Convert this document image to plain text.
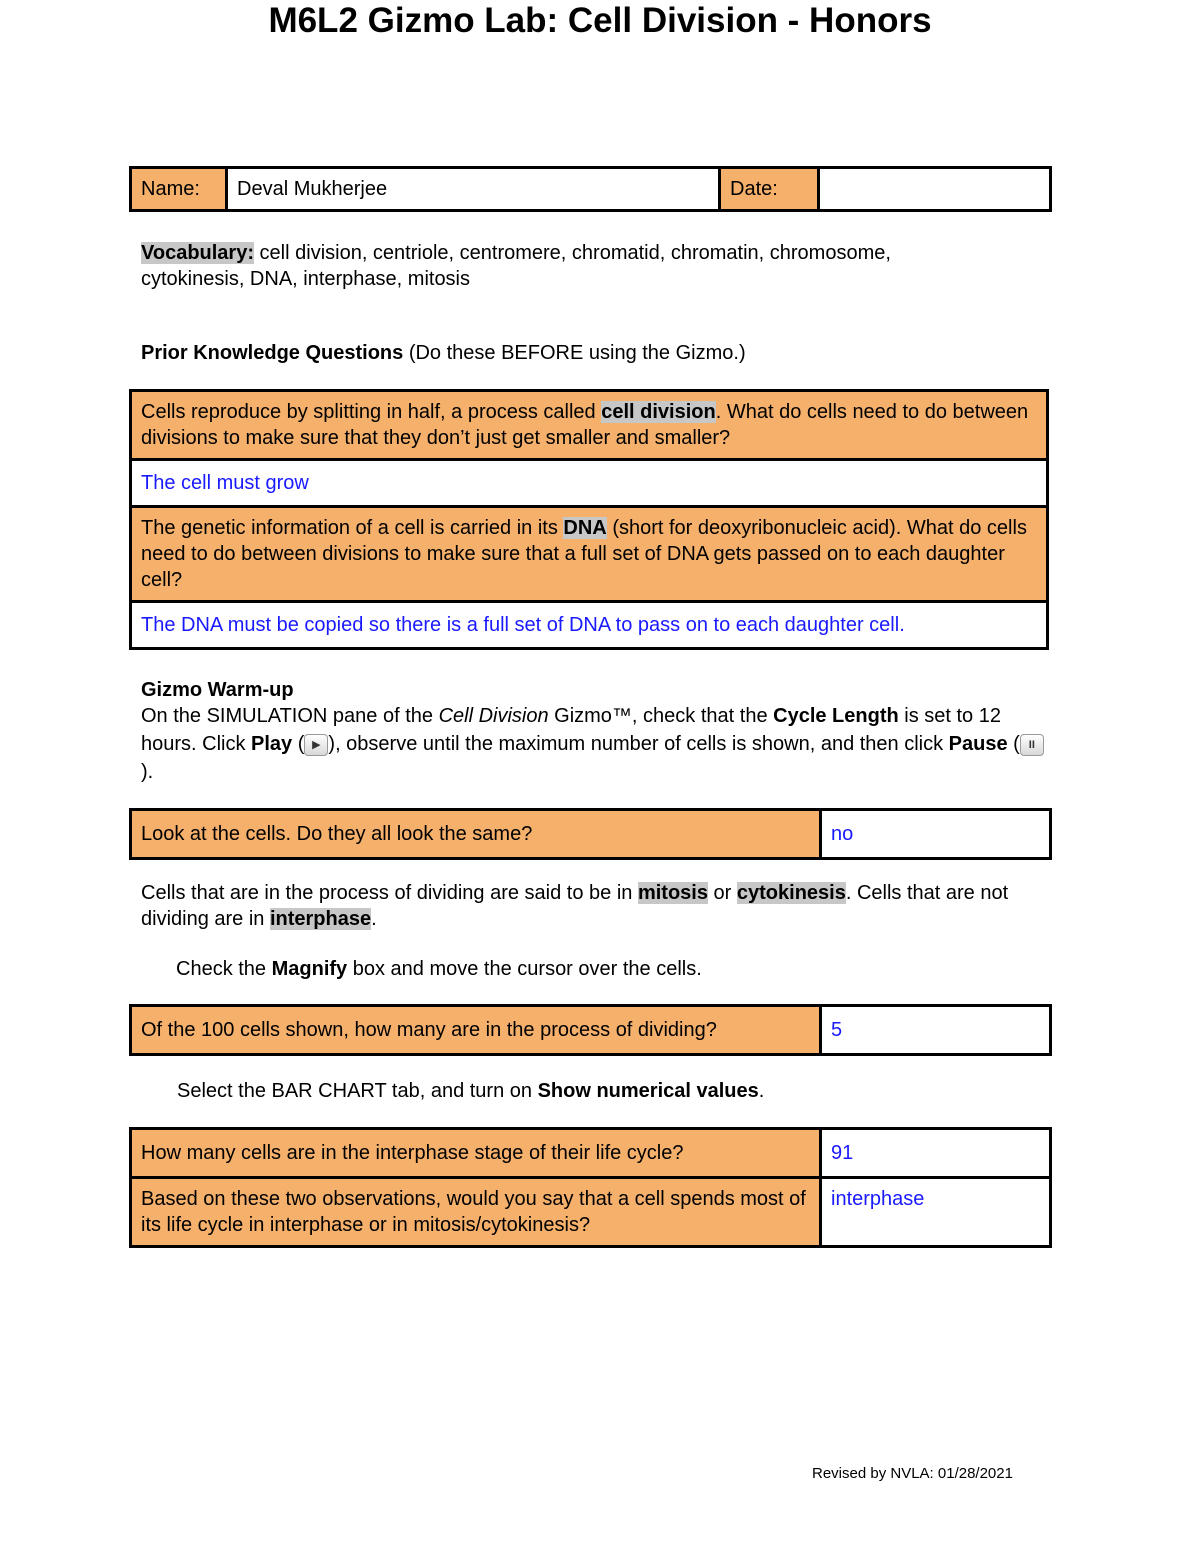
M6L2 Gizmo Lab: Cell Division - Honors
Name:	Deval Mukherjee	Date:	
Vocabulary: cell division, centriole, centromere, chromatid, chromatin, chromosome, cytokinesis, DNA, interphase, mitosis
Prior Knowledge Questions (Do these BEFORE using the Gizmo.)
Cells reproduce by splitting in half, a process called cell division. What do cells need to do between divisions to make sure that they don’t just get smaller and smaller?
The cell must grow
The genetic information of a cell is carried in its DNA (short for deoxyribonucleic acid). What do cells need to do between divisions to make sure that a full set of DNA gets passed on to each daughter cell?
The DNA must be copied so there is a full set of DNA to pass on to each daughter cell.
Gizmo Warm-up
On the SIMULATION pane of the Cell Division Gizmo™, check that the Cycle Length is set to 12 hours. Click Play ( ▶ ), observe until the maximum number of cells is shown, and then click Pause ( II).
Look at the cells. Do they all look the same?	no
Cells that are in the process of dividing are said to be in mitosis or cytokinesis. Cells that are not dividing are in interphase.
Check the Magnify box and move the cursor over the cells.
Of the 100 cells shown, how many are in the process of dividing?	5
Select the BAR CHART tab, and turn on Show numerical values.
How many cells are in the interphase stage of their life cycle?	91
Based on these two observations, would you say that a cell spends most of its life cycle in interphase or in mitosis/cytokinesis?	interphase
Revised by NVLA: 01/28/2021
